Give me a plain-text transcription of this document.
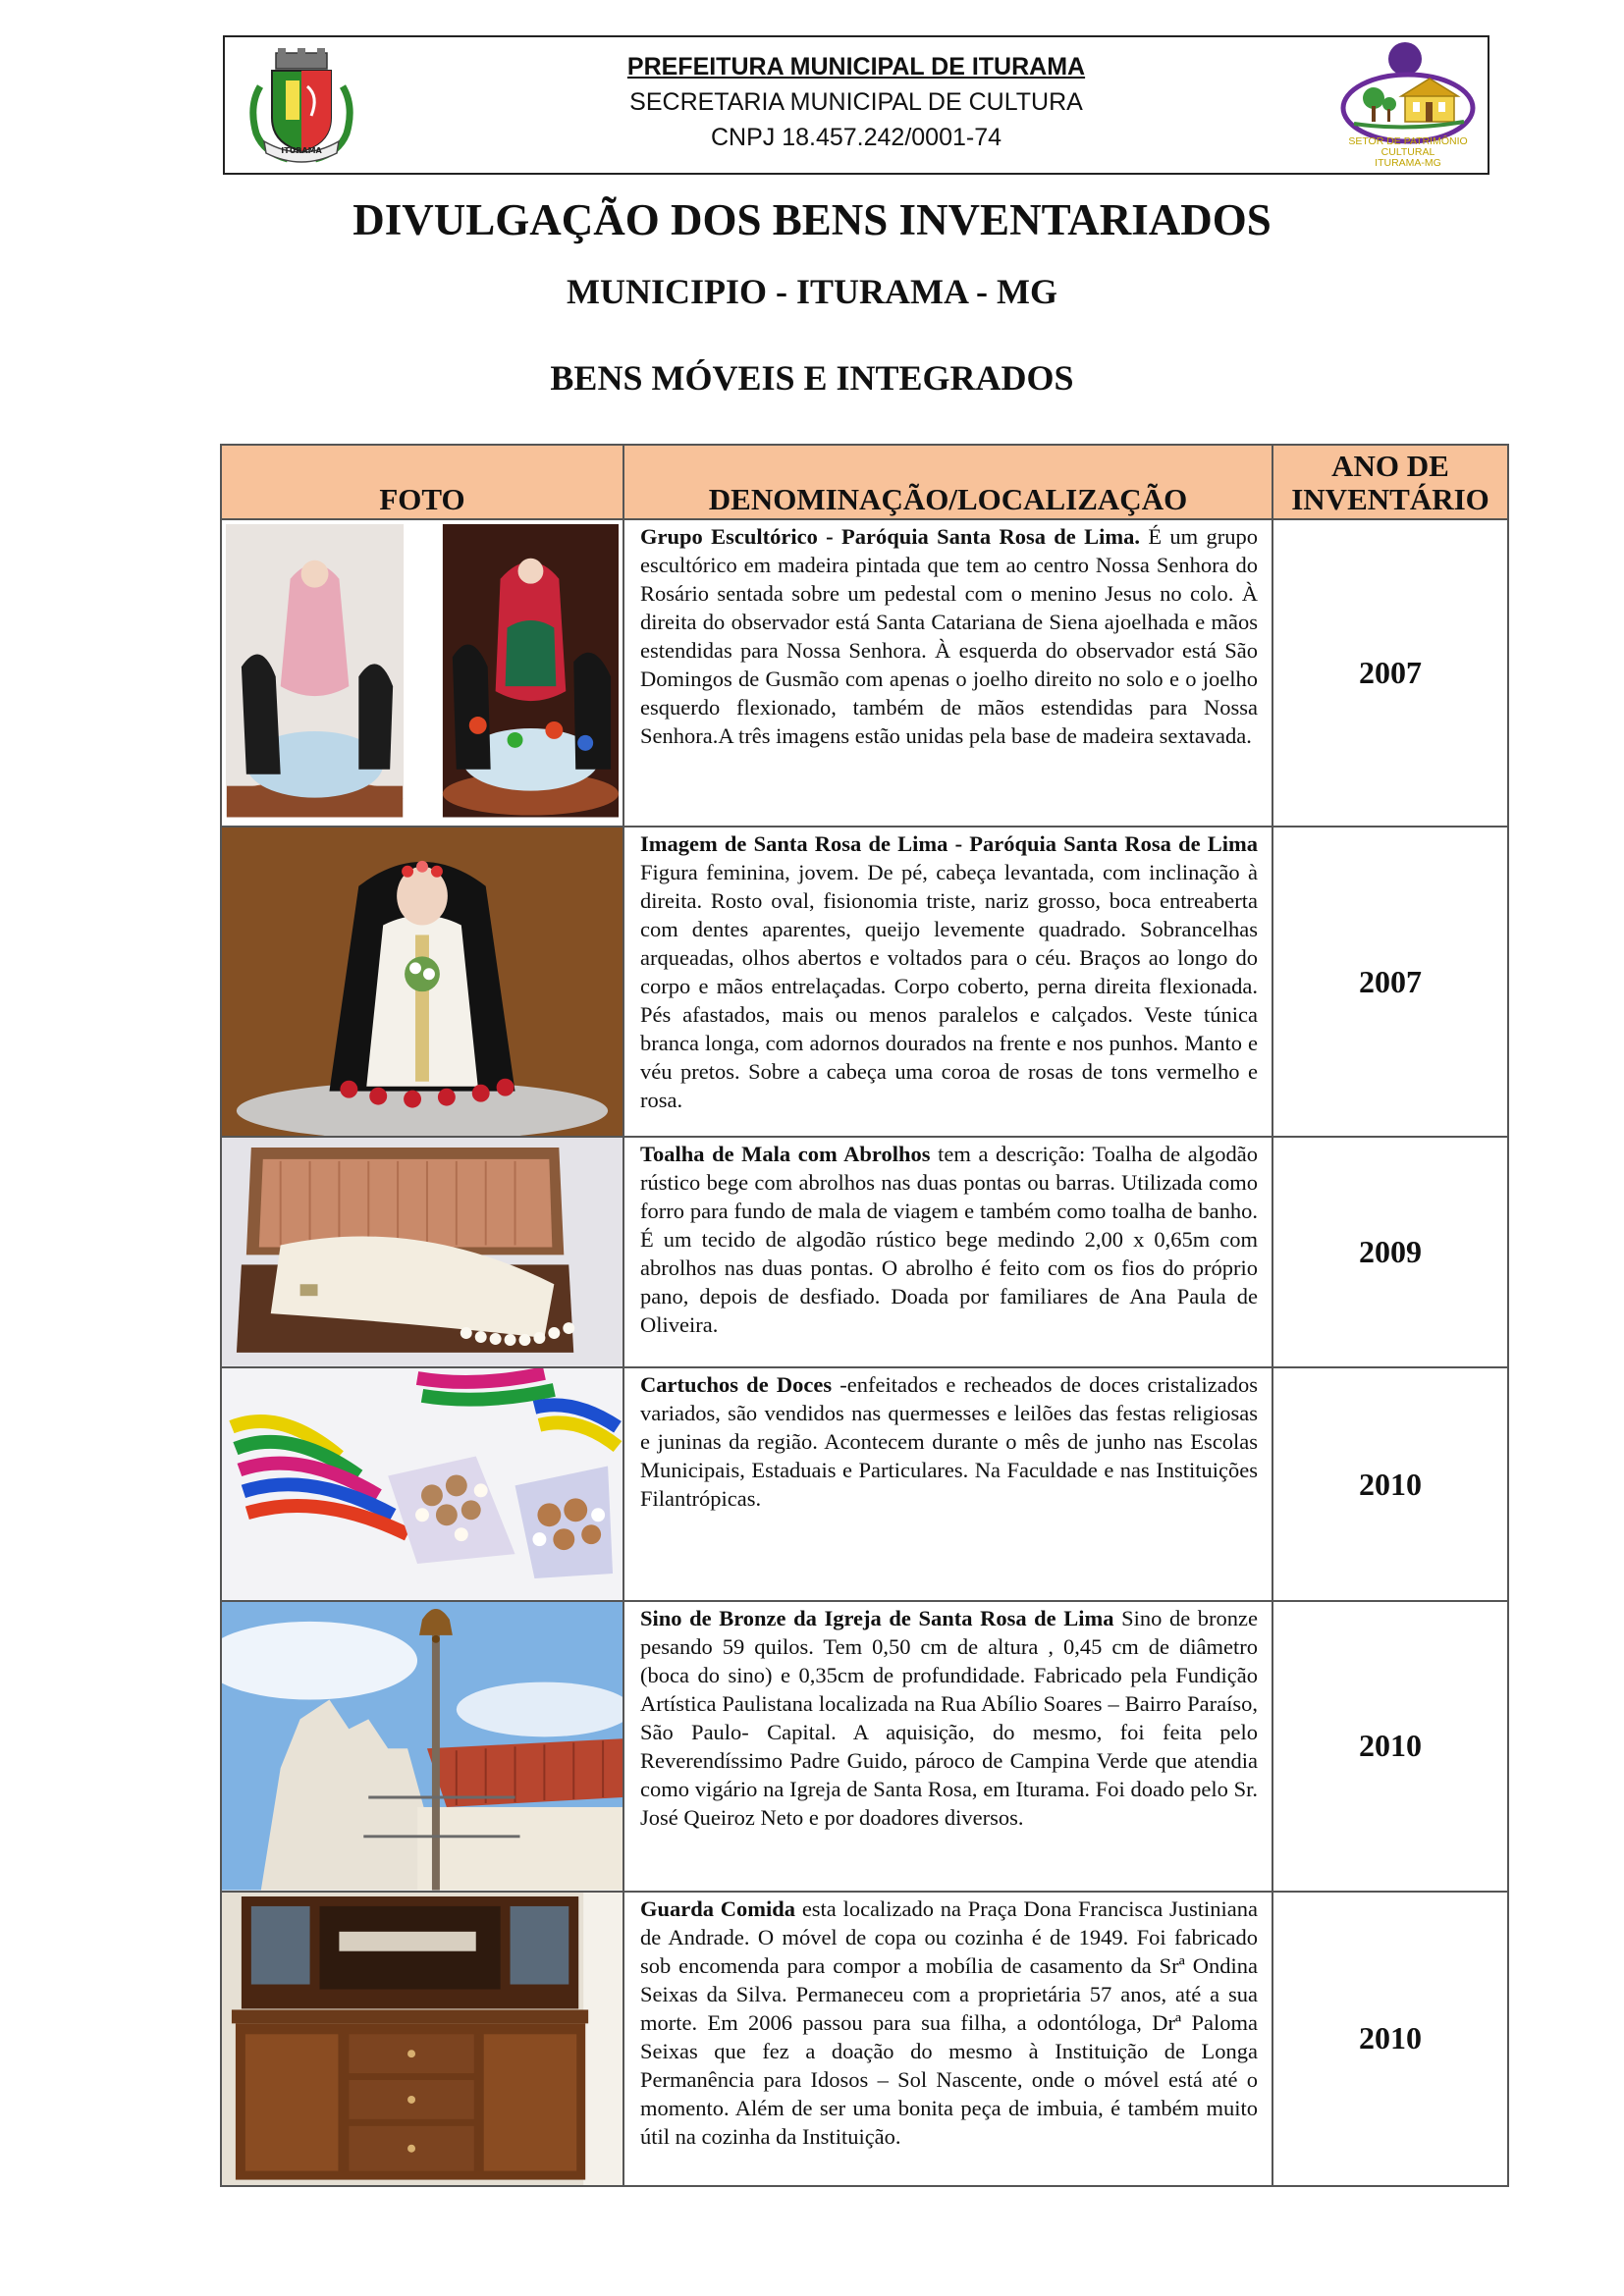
ITURAMA
PREFEITURA MUNICIPAL DE ITURAMA
SECRETARIA MUNICIPAL DE CULTURA
CNPJ 18.457.242/0001-74	SETOR DE PATRIMÔNIO CULTURAL
ITURAMA-MG
DIVULGAÇÃO DOS BENS INVENTARIADOS
MUNICIPIO - ITURAMA - MG
BENS MÓVEIS E INTEGRADOS
FOTO	DENOMINAÇÃO/LOCALIZAÇÃO	ANO DE
INVENTÁRIO

	Grupo Escultórico - Paróquia Santa Rosa de Lima. É um grupo escultórico em madeira pintada que tem ao centro Nossa Senhora do Rosário sentada sobre um pedestal com o menino Jesus no colo. À direita do observador está Santa Catariana de Siena ajoelhada e mãos estendidas para Nossa Senhora. À esquerda do observador está São Domingos de Gusmão com apenas o joelho direito no solo e o joelho esquerdo flexionado, também de mãos estendidas para Nossa Senhora.A três imagens estão unidas pela base de madeira sextavada.	2007

	Imagem de Santa Rosa de Lima - Paróquia Santa Rosa de Lima Figura feminina, jovem. De pé, cabeça levantada, com inclinação à direita. Rosto oval, fisionomia triste, nariz grosso, boca entreaberta com dentes aparentes, queijo levemente quadrado. Sobrancelhas arqueadas, olhos abertos e voltados para o céu. Braços ao longo do corpo e mãos entrelaçadas. Corpo coberto, perna direita flexionada. Pés afastados, mais ou menos paralelos e calçados. Veste túnica branca longa, com adornos dourados na frente e nos punhos. Manto e véu pretos. Sobre a cabeça uma coroa de rosas de tons vermelho e rosa.	2007

	Toalha de Mala com Abrolhos tem a descrição: Toalha de algodão rústico bege com abrolhos nas duas pontas ou barras. Utilizada como forro para fundo de mala de viagem e também como toalha de banho. É um tecido de algodão rústico bege medindo 2,00 x 0,65m com abrolhos nas duas pontas. O abrolho é feito com os fios do próprio pano, depois de desfiado. Doada por familiares de Ana Paula de Oliveira.	2009

	Cartuchos de Doces -enfeitados e recheados de doces cristalizados variados, são vendidos nas quermesses e leilões das festas religiosas e juninas da região. Acontecem durante o mês de junho nas Escolas Municipais, Estaduais e Particulares. Na Faculdade e nas Instituições Filantrópicas.	2010

	Sino de Bronze da Igreja de Santa Rosa de Lima Sino de bronze pesando 59 quilos. Tem 0,50 cm de altura , 0,45 cm de diâmetro (boca do sino) e 0,35cm de profundidade. Fabricado pela Fundição Artística Paulistana localizada na Rua Abílio Soares – Bairro Paraíso, São Paulo- Capital. A aquisição, do mesmo, foi feita pelo Reverendíssimo Padre Guido, pároco de Campina Verde que atendia como vigário na Igreja de Santa Rosa, em Iturama. Foi doado pelo Sr. José Queiroz Neto e por doadores diversos.	2010

	Guarda Comida esta localizado na Praça Dona Francisca Justiniana de Andrade. O móvel de copa ou cozinha é de 1949. Foi fabricado sob encomenda para compor a mobília de casamento da Srª Ondina Seixas da Silva. Permaneceu com a proprietária 57 anos, até a sua morte. Em 2006 passou para sua filha, a odontóloga, Drª Paloma Seixas que fez a doação do mesmo à Instituição de Longa Permanência para Idosos – Sol Nascente, onde o móvel está até o momento. Além de ser uma bonita peça de imbuia, é também muito útil na cozinha da Instituição.	2010
